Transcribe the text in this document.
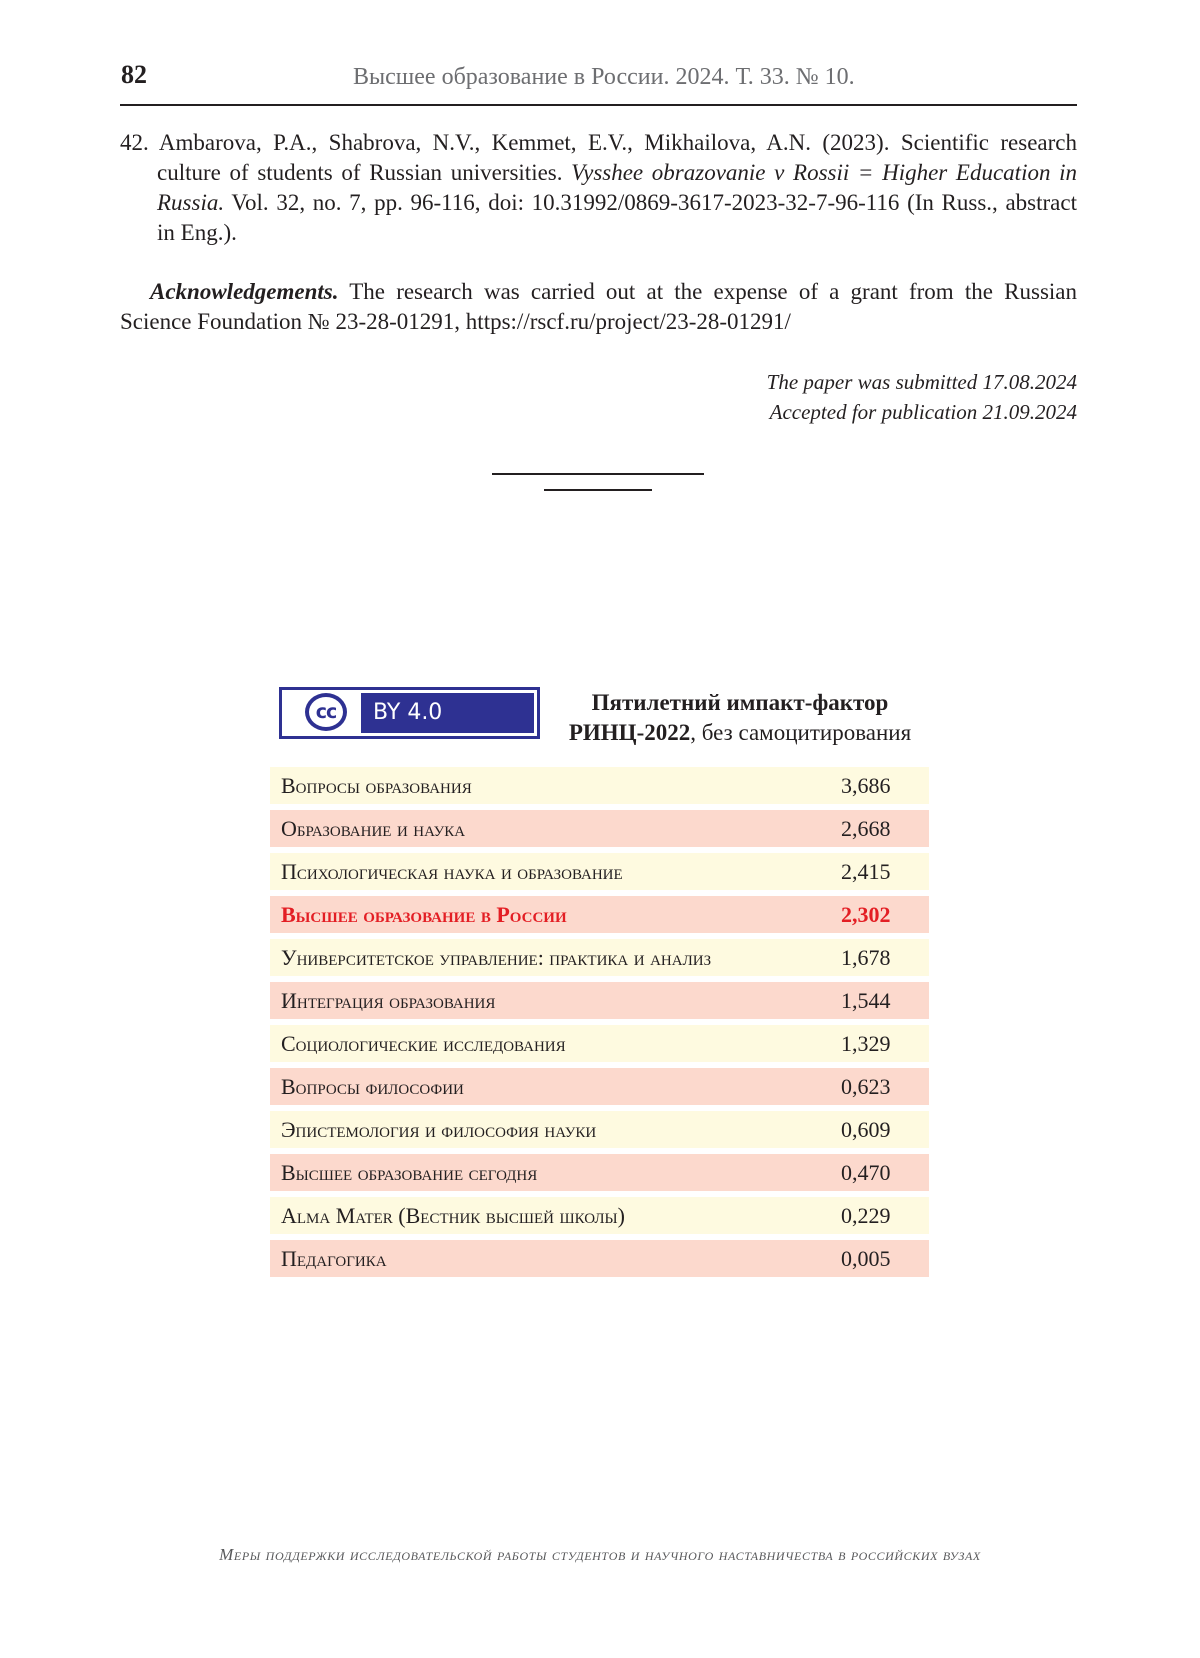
82	Высшее образование в России. 2024. Т. 33. № 10.
42. Ambarova, P.A., Shabrova, N.V., Kemmet, E.V., Mikhailova, A.N. (2023). Scientific research culture of students of Russian universities. Vysshee obrazovanie v Rossii = Higher Education in Russia. Vol. 32, no. 7, pp. 96-116, doi: 10.31992/0869-3617-2023-32-7-96-116 (In Russ., abstract in Eng.).
Acknowledgements. The research was carried out at the expense of a grant from the Russian Science Foundation № 23-28-01291, https://rscf.ru/project/23-28-01291/
The paper was submitted 17.08.2024
Accepted for publication 21.09.2024
cc	BY 4.0	Пятилетний импакт-фактор
РИНЦ-2022, без самоцитирования
Вопросы образования	3,686
Образование и наука	2,668
Психологическая наука и образование	2,415
Высшее образование в России	2,302
Университетское управление: практика и анализ	1,678
Интеграция образования	1,544
Социологические исследования	1,329
Вопросы философии	0,623
Эпистемология и философия науки	0,609
Высшее образование сегодня	0,470
Alma Mater (Вестник высшей школы)	0,229
Педагогика	0,005
Меры поддержки исследовательской работы студентов и научного наставничества в российских вузах
